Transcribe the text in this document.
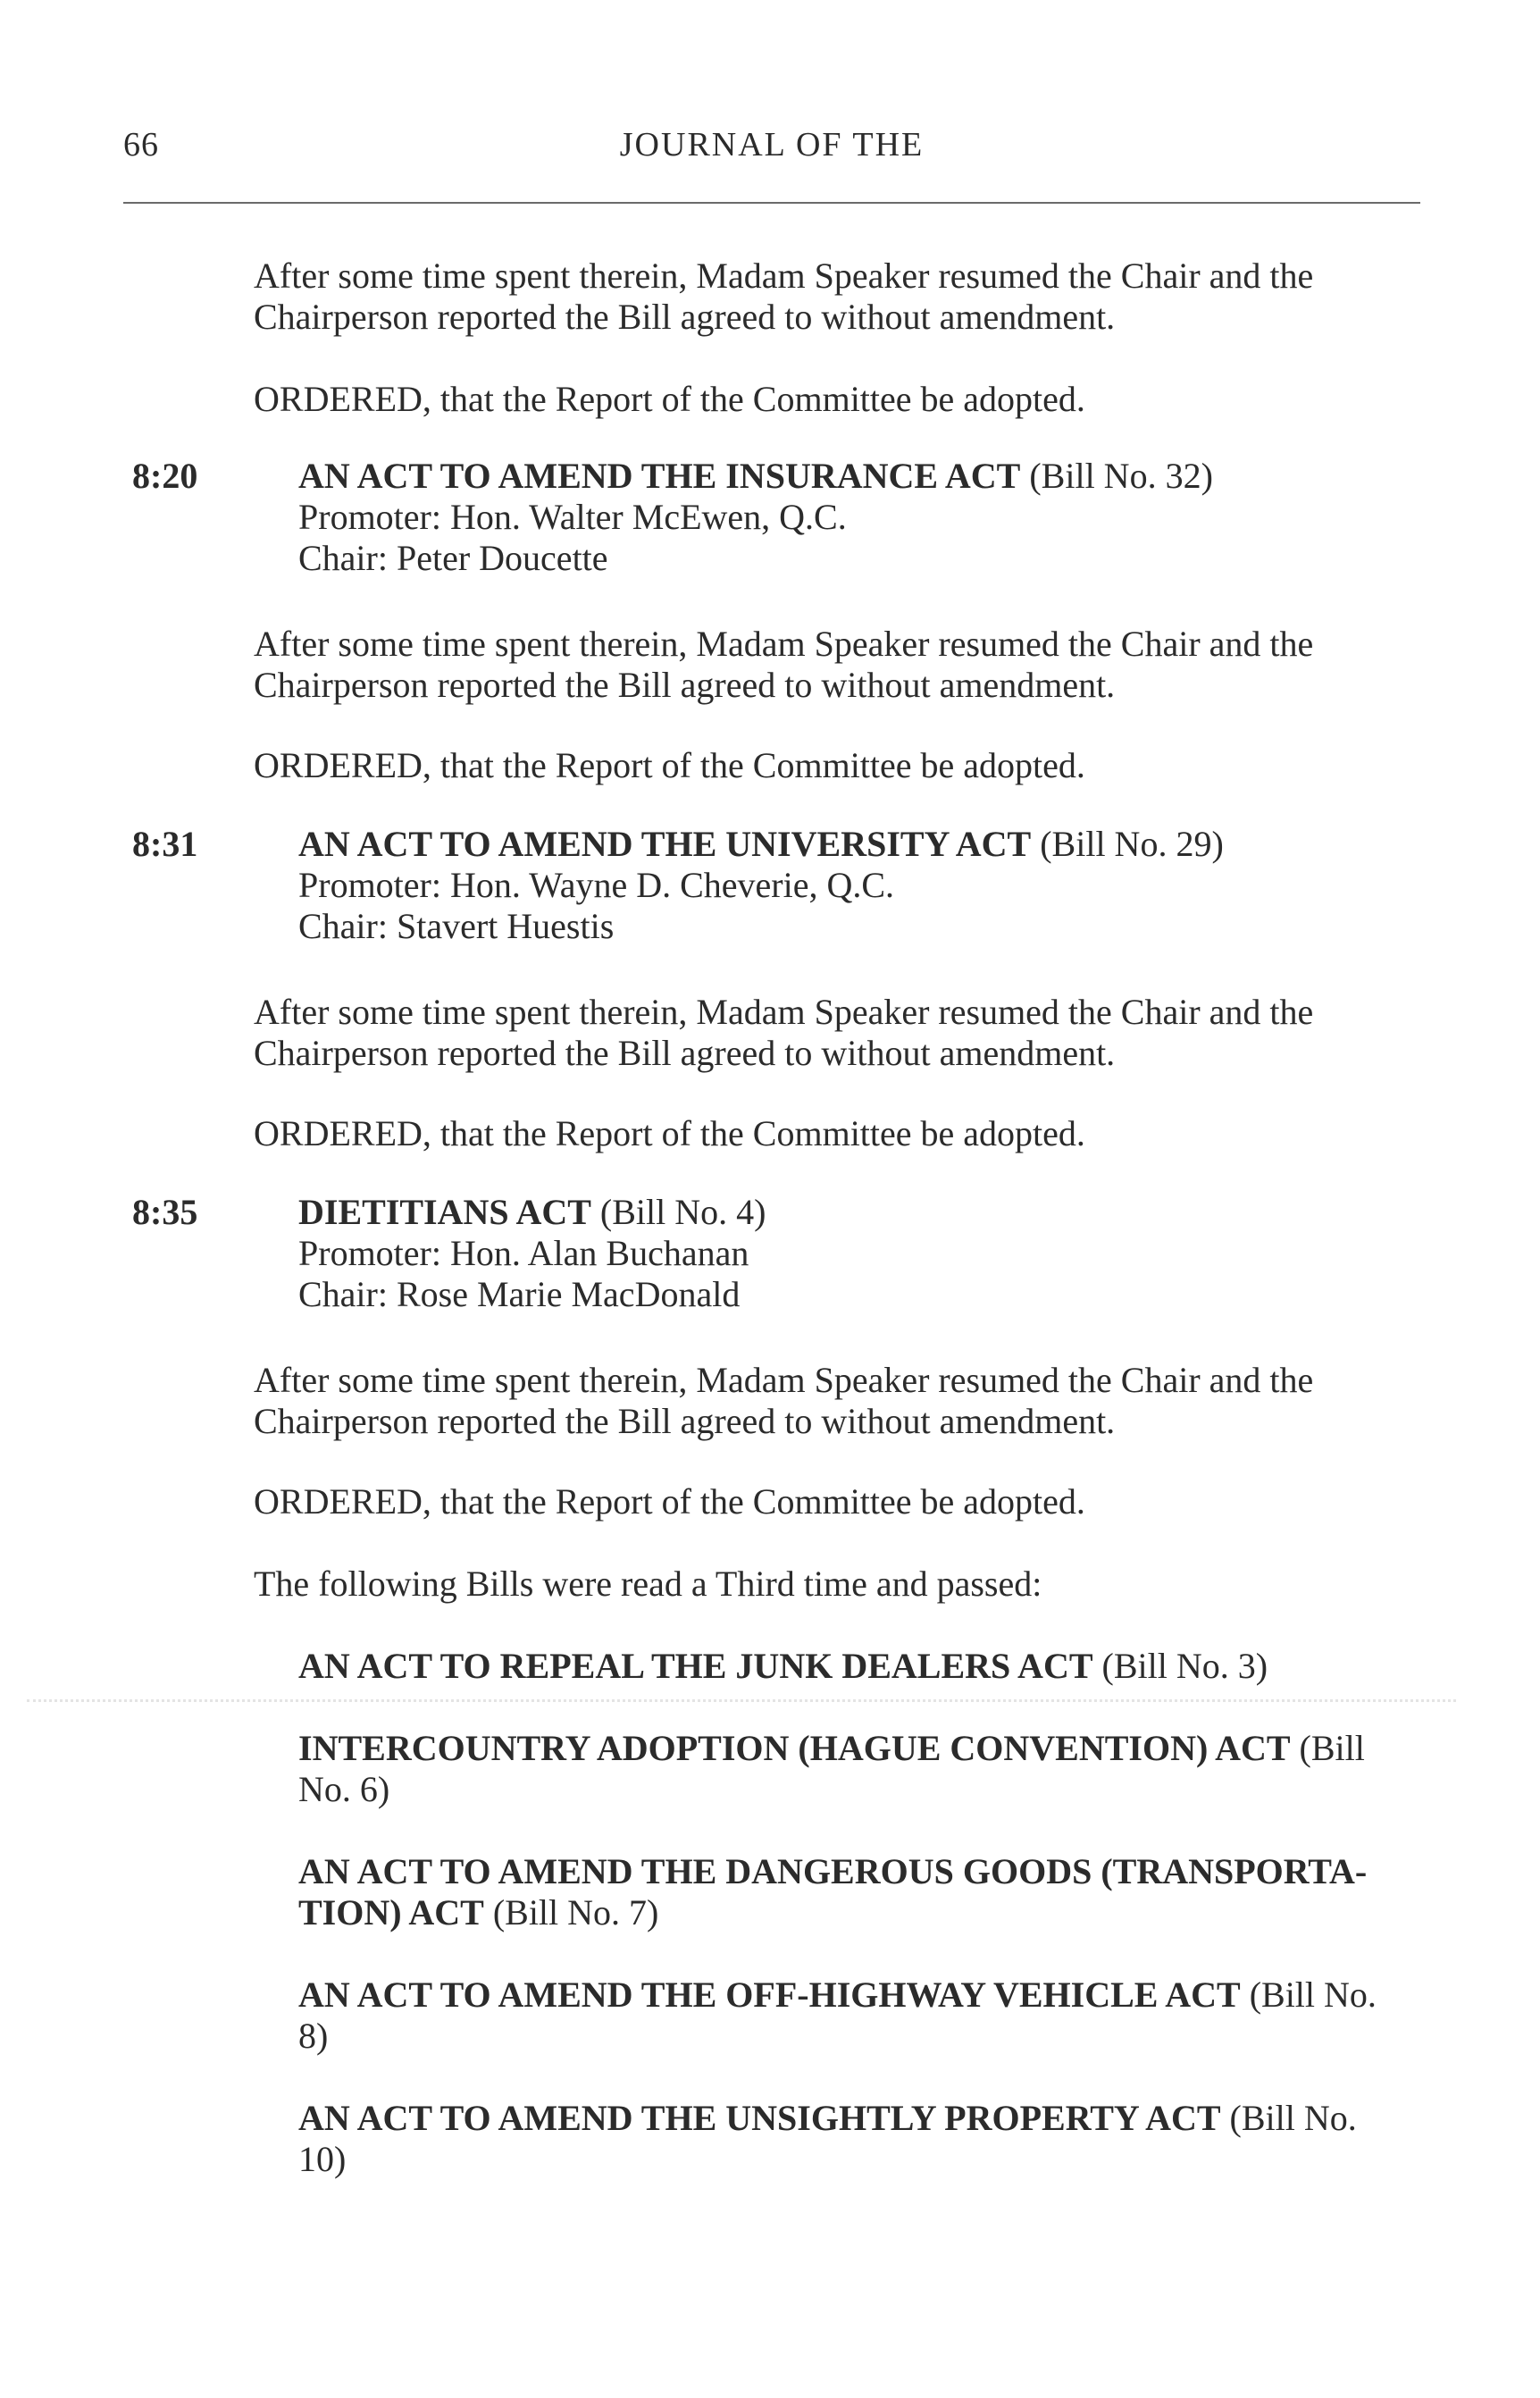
66	JOURNAL OF THE
After some time spent therein, Madam Speaker resumed the Chair and the
Chairperson reported the Bill agreed to without amendment.
ORDERED, that the Report of the Committee be adopted.
8:20	AN ACT TO AMEND THE INSURANCE ACT (Bill No. 32)
Promoter: Hon. Walter McEwen, Q.C.
Chair: Peter Doucette
After some time spent therein, Madam Speaker resumed the Chair and the
Chairperson reported the Bill agreed to without amendment.
ORDERED, that the Report of the Committee be adopted.
8:31	AN ACT TO AMEND THE UNIVERSITY ACT (Bill No. 29)
Promoter: Hon. Wayne D. Cheverie, Q.C.
Chair: Stavert Huestis
After some time spent therein, Madam Speaker resumed the Chair and the
Chairperson reported the Bill agreed to without amendment.
ORDERED, that the Report of the Committee be adopted.
8:35	DIETITIANS ACT (Bill No. 4)
Promoter: Hon. Alan Buchanan
Chair: Rose Marie MacDonald
After some time spent therein, Madam Speaker resumed the Chair and the
Chairperson reported the Bill agreed to without amendment.
ORDERED, that the Report of the Committee be adopted.
The following Bills were read a Third time and passed:
AN ACT TO REPEAL THE JUNK DEALERS ACT (Bill No. 3)
INTERCOUNTRY ADOPTION (HAGUE CONVENTION) ACT (Bill
No. 6)
AN ACT TO AMEND THE DANGEROUS GOODS (TRANSPORTA-
TION) ACT (Bill No. 7)
AN ACT TO AMEND THE OFF-HIGHWAY VEHICLE ACT (Bill No.
8)
AN ACT TO AMEND THE UNSIGHTLY PROPERTY ACT (Bill No.
10)
